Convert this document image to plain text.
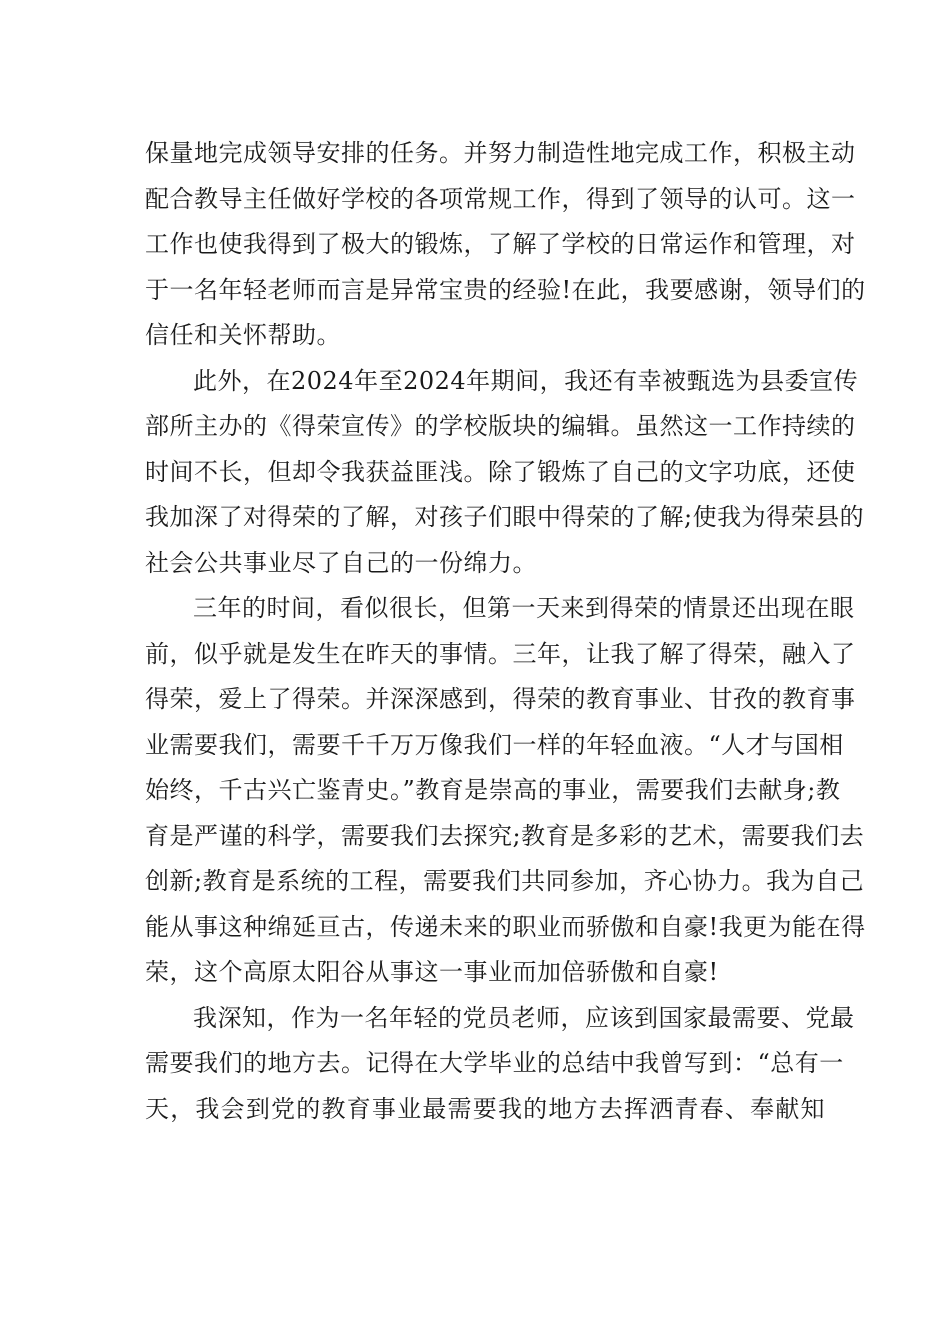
保量地完成领导安排的任务。并努力制造性地完成工作，积极主动
配合教导主任做好学校的各项常规工作，得到了领导的认可。这一
工作也使我得到了极大的锻炼，了解了学校的日常运作和管理，对
于一名年轻老师而言是异常宝贵的经验!在此，我要感谢，领导们的
信任和关怀帮助。
此外，在2024年至2024年期间，我还有幸被甄选为县委宣传
部所主办的《得荣宣传》的学校版块的编辑。虽然这一工作持续的
时间不长，但却令我获益匪浅。除了锻炼了自己的文字功底，还使
我加深了对得荣的了解，对孩子们眼中得荣的了解;使我为得荣县的
社会公共事业尽了自己的一份绵力。
三年的时间，看似很长，但第一天来到得荣的情景还出现在眼
前，似乎就是发生在昨天的事情。三年，让我了解了得荣，融入了
得荣，爱上了得荣。并深深感到，得荣的教育事业、甘孜的教育事
业需要我们，需要千千万万像我们一样的年轻血液。“人才与国相
始终，千古兴亡鉴青史。”教育是崇高的事业，需要我们去献身;教
育是严谨的科学，需要我们去探究;教育是多彩的艺术，需要我们去
创新;教育是系统的工程，需要我们共同参加，齐心协力。我为自己
能从事这种绵延亘古，传递未来的职业而骄傲和自豪!我更为能在得
荣，这个高原太阳谷从事这一事业而加倍骄傲和自豪!
我深知，作为一名年轻的党员老师，应该到国家最需要、党最
需要我们的地方去。记得在大学毕业的总结中我曾写到：“总有一
天，我会到党的教育事业最需要我的地方去挥洒青春、奉献知
